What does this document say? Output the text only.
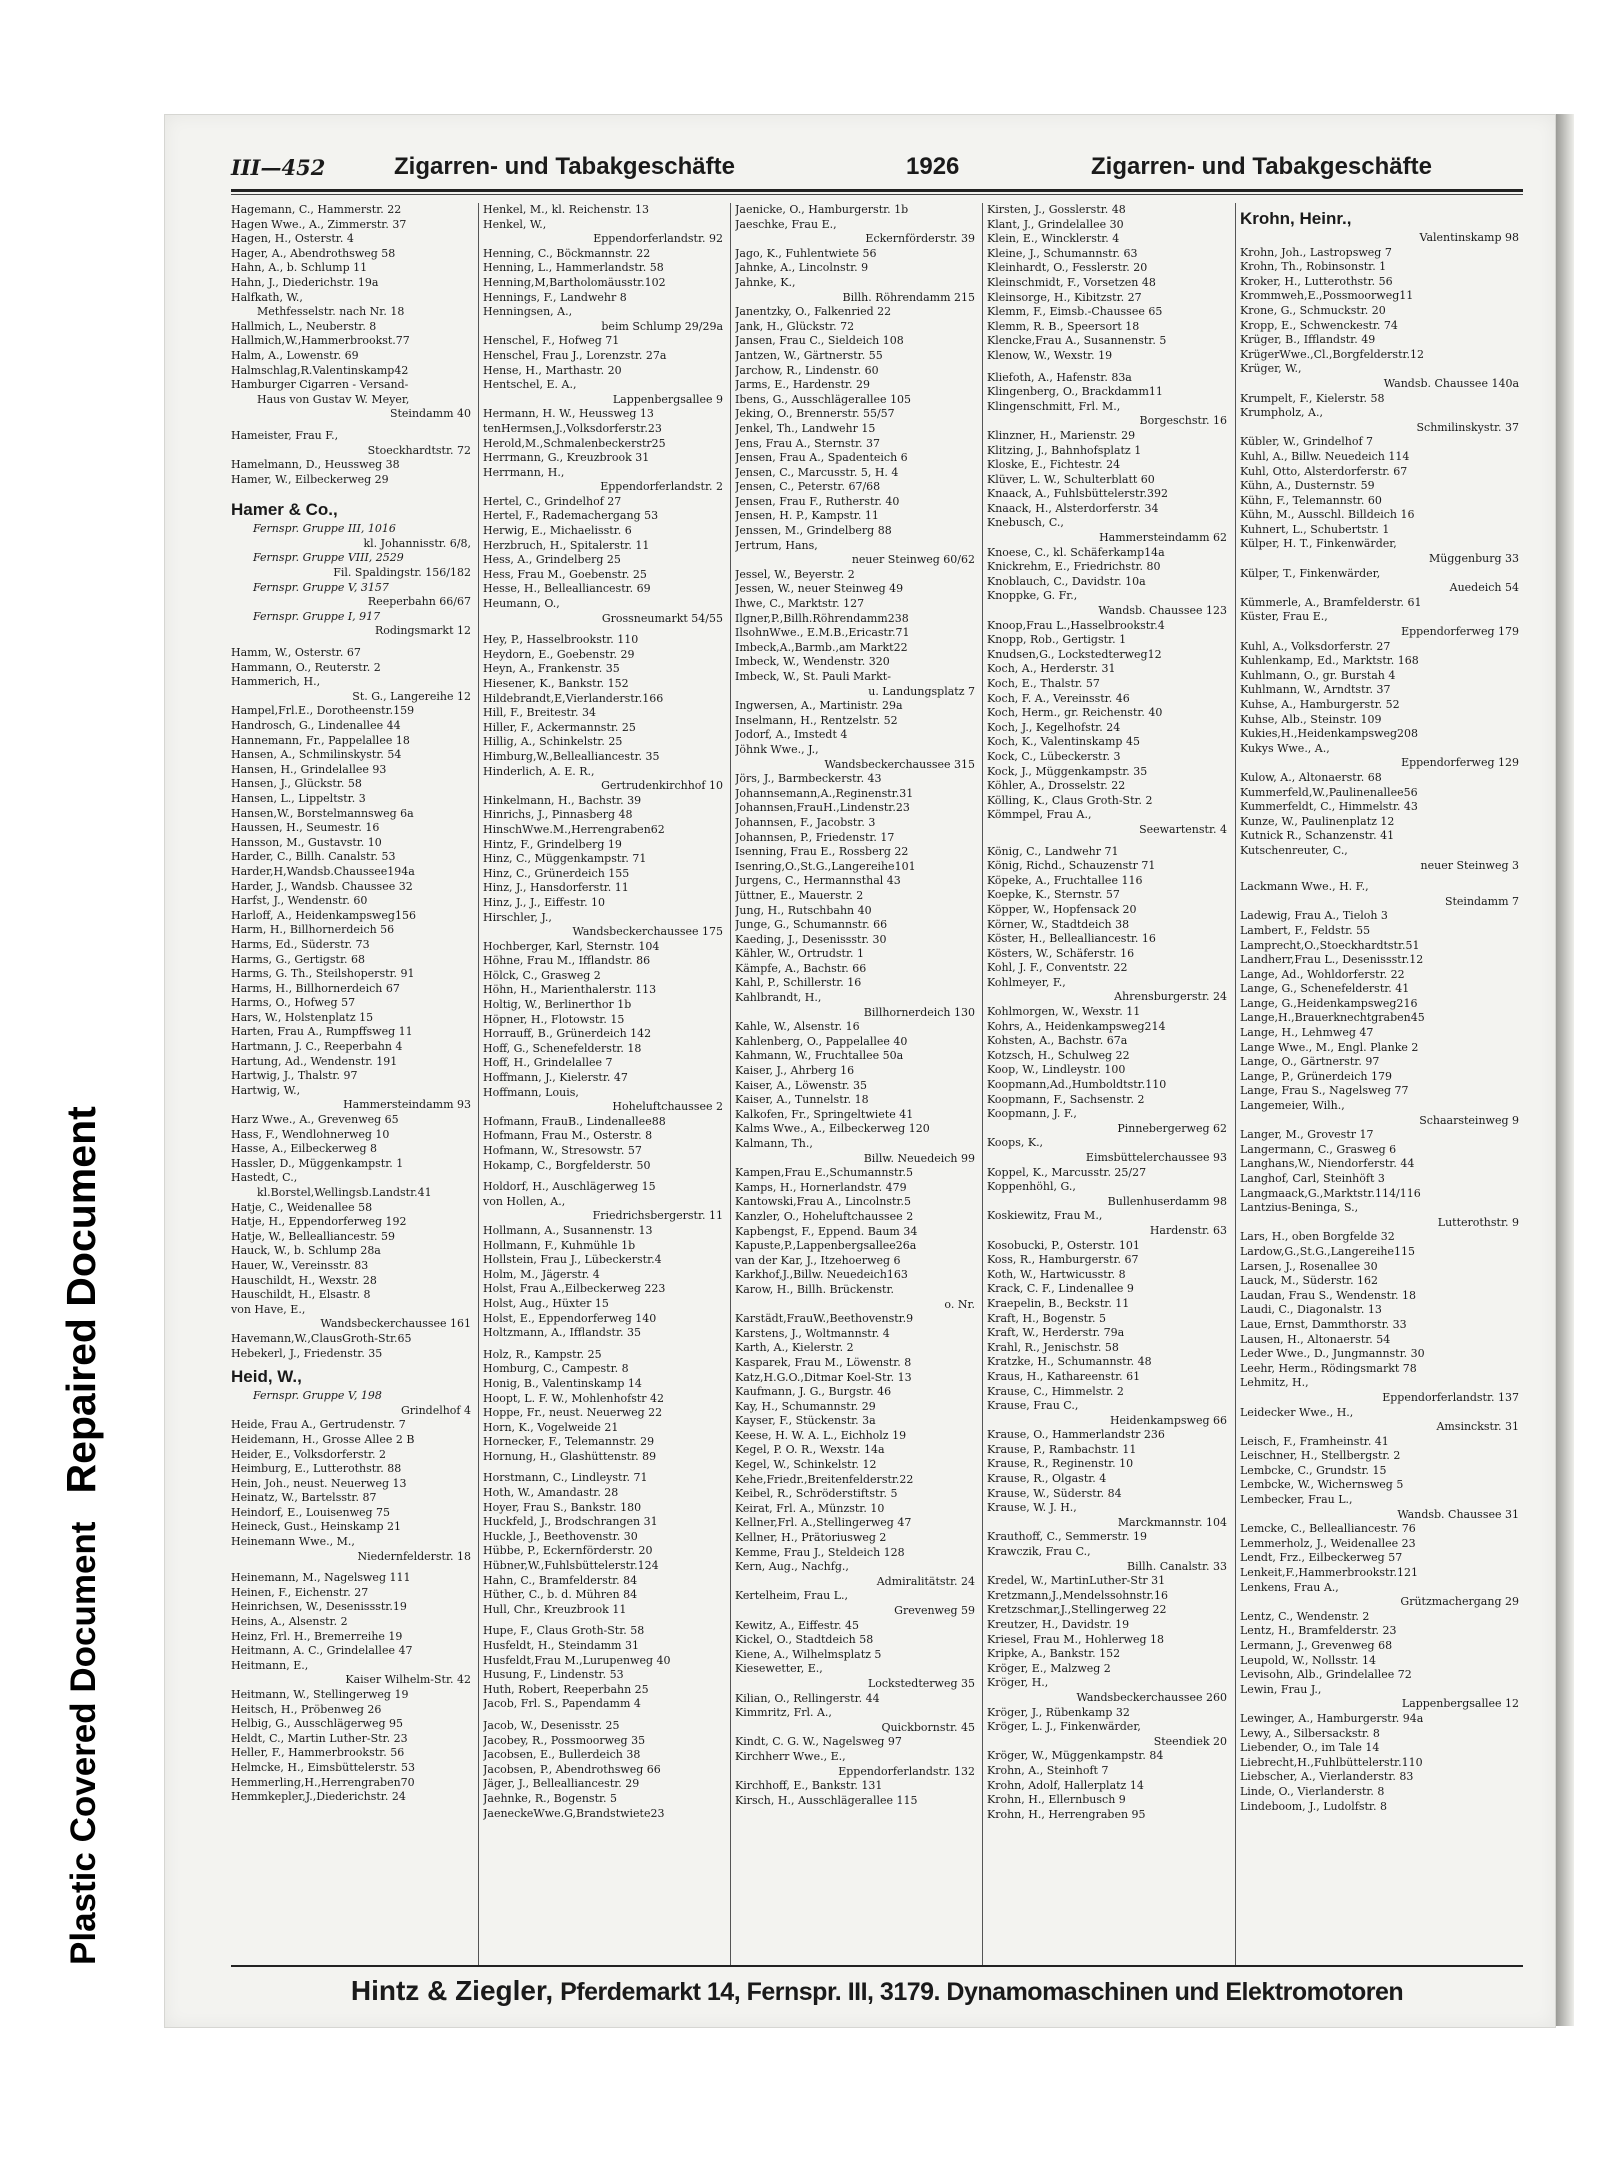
Plastic Covered DocumentRepaired Document
III—452	Zigarren- und Tabakgeschäfte	1926	Zigarren- und Tabakgeschäfte
Hagemann, C., Hammerstr. 22
Hagen Wwe., A., Zimmerstr. 37
Hagen, H., Osterstr. 4
Hager, A., Abendrothsweg 58
Hahn, A., b. Schlump 11
Hahn, J., Diederichstr. 19a
Halfkath, W.,
Methfesselstr. nach Nr. 18
Hallmich, L., Neuberstr. 8
Hallmich,W.,Hammerbrookst.77
Halm, A., Lowenstr. 69
Halmschlag,R.Valentinskamp42
Hamburger Cigarren - Versand-
Haus von Gustav W. Meyer,
Steindamm 40
Hameister, Frau F.,
Stoeckhardtstr. 72
Hamelmann, D., Heussweg 38
Hamer, W., Eilbeckerweg 29
Hamer & Co.,
Fernspr. Gruppe III, 1016
kl. Johannisstr. 6/8,
Fernspr. Gruppe VIII, 2529
Fil. Spaldingstr. 156/182
Fernspr. Gruppe V, 3157
Reeperbahn 66/67
Fernspr. Gruppe I, 917
Rodingsmarkt 12
Hamm, W., Osterstr. 67
Hammann, O., Reuterstr. 2
Hammerich, H.,
St. G., Langereihe 12
Hampel,Frl.E., Dorotheenstr.159
Handrosch, G., Lindenallee 44
Hannemann, Fr., Pappelallee 18
Hansen, A., Schmilinskystr. 54
Hansen, H., Grindelallee 93
Hansen, J., Glückstr. 58
Hansen, L., Lippeltstr. 3
Hansen,W., Borstelmannsweg 6a
Haussen, H., Seumestr. 16
Hansson, M., Gustavstr. 10
Harder, C., Billh. Canalstr. 53
Harder,H,Wandsb.Chaussee194a
Harder, J., Wandsb. Chaussee 32
Harfst, J., Wendenstr. 60
Harloff, A., Heidenkampsweg156
Harm, H., Billhornerdeich 56
Harms, Ed., Süderstr. 73
Harms, G., Gertigstr. 68
Harms, G. Th., Steilshoperstr. 91
Harms, H., Billhornerdeich 67
Harms, O., Hofweg 57
Hars, W., Holstenplatz 15
Harten, Frau A., Rumpffsweg 11
Hartmann, J. C., Reeperbahn 4
Hartung, Ad., Wendenstr. 191
Hartwig, J., Thalstr. 97
Hartwig, W.,
Hammersteindamm 93
Harz Wwe., A., Grevenweg 65
Hass, F., Wendlohnerweg 10
Hasse, A., Eilbeckerweg 8
Hassler, D., Müggenkampstr. 1
Hastedt, C.,
kl.Borstel,Wellingsb.Landstr.41
Hatje, C., Weidenallee 58
Hatje, H., Eppendorferweg 192
Hatje, W., Bellealliancestr. 59
Hauck, W., b. Schlump 28a
Hauer, W., Vereinsstr. 83
Hauschildt, H., Wexstr. 28
Hauschildt, H., Elsastr. 8
von Have, E.,
Wandsbeckerchaussee 161
Havemann,W.,ClausGroth-Str.65
Hebekerl, J., Friedenstr. 35
Heid, W.,
Fernspr. Gruppe V, 198
Grindelhof 4
Heide, Frau A., Gertrudenstr. 7
Heidemann, H., Grosse Allee 2 B
Heider, E., Volksdorferstr. 2
Heimburg, E., Lutterothstr. 88
Hein, Joh., neust. Neuerweg 13
Heinatz, W., Bartelsstr. 87
Heindorf, E., Louisenweg 75
Heineck, Gust., Heinskamp 21
Heinemann Wwe., M.,
Niedernfelderstr. 18
Heinemann, M., Nagelsweg 111
Heinen, F., Eichenstr. 27
Heinrichsen, W., Desenissstr.19
Heins, A., Alsenstr. 2
Heinz, Frl. H., Bremerreihe 19
Heitmann, A. C., Grindelallee 47
Heitmann, E.,
Kaiser Wilhelm-Str. 42
Heitmann, W., Stellingerweg 19
Heitsch, H., Pröbenweg 26
Helbig, G., Ausschlägerweg 95
Heldt, C., Martin Luther-Str. 23
Heller, F., Hammerbrookstr. 56
Helmcke, H., Eimsbüttelerstr. 53
Hemmerling,H.,Herrengraben70
Hemmkepler,J.,Diederichstr. 24
Henkel, M., kl. Reichenstr. 13
Henkel, W.,
Eppendorferlandstr. 92
Henning, C., Böckmannstr. 22
Henning, L., Hammerlandstr. 58
Henning,M,Bartholomäusstr.102
Hennings, F., Landwehr 8
Henningsen, A.,
beim Schlump 29/29a
Henschel, F., Hofweg 71
Henschel, Frau J., Lorenzstr. 27a
Hense, H., Marthastr. 20
Hentschel, E. A.,
Lappenbergsallee 9
Hermann, H. W., Heussweg 13
tenHermsen,J.,Volksdorferstr.23
Herold,M.,Schmalenbeckerstr25
Herrmann, G., Kreuzbrook 31
Herrmann, H.,
Eppendorferlandstr. 2
Hertel, C., Grindelhof 27
Hertel, F., Rademachergang 53
Herwig, E., Michaelisstr. 6
Herzbruch, H., Spitalerstr. 11
Hess, A., Grindelberg 25
Hess, Frau M., Goebenstr. 25
Hesse, H., Bellealliancestr. 69
Heumann, O.,
Grossneumarkt 54/55
Hey, P., Hasselbrookstr. 110
Heydorn, E., Goebenstr. 29
Heyn, A., Frankenstr. 35
Hiesener, K., Bankstr. 152
Hildebrandt,E,Vierlanderstr.166
Hill, F., Breitestr. 34
Hiller, F., Ackermannstr. 25
Hillig, A., Schinkelstr. 25
Himburg,W.,Bellealliancestr. 35
Hinderlich, A. E. R.,
Gertrudenkirchhof 10
Hinkelmann, H., Bachstr. 39
Hinrichs, J., Pinnasberg 48
HinschWwe.M.,Herrengraben62
Hintz, F., Grindelberg 19
Hinz, C., Müggenkampstr. 71
Hinz, C., Grünerdeich 155
Hinz, J., Hansdorferstr. 11
Hinz, J., J., Eiffestr. 10
Hirschler, J.,
Wandsbeckerchaussee 175
Hochberger, Karl, Sternstr. 104
Höhne, Frau M., Ifflandstr. 86
Hölck, C., Grasweg 2
Höhn, H., Marienthalerstr. 113
Holtig, W., Berlinerthor 1b
Höpner, H., Flotowstr. 15
Horrauff, B., Grünerdeich 142
Hoff, G., Schenefelderstr. 18
Hoff, H., Grindelallee 7
Hoffmann, J., Kielerstr. 47
Hoffmann, Louis,
Hoheluftchaussee 2
Hofmann, FrauB., Lindenallee88
Hofmann, Frau M., Osterstr. 8
Hofmann, W., Stresowstr. 57
Hokamp, C., Borgfelderstr. 50
Holdorf, H., Auschlägerweg 15
von Hollen, A.,
Friedrichsbergerstr. 11
Hollmann, A., Susannenstr. 13
Hollmann, F., Kuhmühle 1b
Hollstein, Frau J., Lübeckerstr.4
Holm, M., Jägerstr. 4
Holst, Frau A.,Eilbeckerweg 223
Holst, Aug., Hüxter 15
Holst, E., Eppendorferweg 140
Holtzmann, A., Ifflandstr. 35
Holz, R., Kampstr. 25
Homburg, C., Campestr. 8
Honig, B., Valentinskamp 14
Hoopt, L. F. W., Mohlenhofstr 42
Hoppe, Fr., neust. Neuerweg 22
Horn, K., Vogelweide 21
Hornecker, F., Telemannstr. 29
Hornung, H., Glashüttenstr. 89
Horstmann, C., Lindleystr. 71
Hoth, W., Amandastr. 28
Hoyer, Frau S., Bankstr. 180
Huckfeld, J., Brodschrangen 31
Huckle, J., Beethovenstr. 30
Hübbe, P., Eckernförderstr. 20
Hübner,W.,Fuhlsbüttelerstr.124
Hahn, C., Bramfelderstr. 84
Hüther, C., b. d. Mühren 84
Hull, Chr., Kreuzbrook 11
Hupe, F., Claus Groth-Str. 58
Husfeldt, H., Steindamm 31
Husfeldt,Frau M.,Lurupenweg 40
Husung, F., Lindenstr. 53
Huth, Robert, Reeperbahn 25
Jacob, Frl. S., Papendamm 4
Jacob, W., Desenisstr. 25
Jacobey, R., Possmoorweg 35
Jacobsen, E., Bullerdeich 38
Jacobsen, P., Abendrothsweg 66
Jäger, J., Bellealliancestr. 29
Jaehnke, R., Bogenstr. 5
JaeneckeWwe.G,Brandstwiete23
Jaenicke, O., Hamburgerstr. 1b
Jaeschke, Frau E.,
Eckernförderstr. 39
Jago, K., Fuhlentwiete 56
Jahnke, A., Lincolnstr. 9
Jahnke, K.,
Billh. Röhrendamm 215
Janentzky, O., Falkenried 22
Jank, H., Glückstr. 72
Jansen, Frau C., Sieldeich 108
Jantzen, W., Gärtnerstr. 55
Jarchow, R., Lindenstr. 60
Jarms, E., Hardenstr. 29
Ibens, G., Ausschlägerallee 105
Jeking, O., Brennerstr. 55/57
Jenkel, Th., Landwehr 15
Jens, Frau A., Sternstr. 37
Jensen, Frau A., Spadenteich 6
Jensen, C., Marcusstr. 5, H. 4
Jensen, C., Peterstr. 67/68
Jensen, Frau F., Rutherstr. 40
Jensen, H. P., Kampstr. 11
Jenssen, M., Grindelberg 88
Jertrum, Hans,
neuer Steinweg 60/62
Jessel, W., Beyerstr. 2
Jessen, W., neuer Steinweg 49
Ihwe, C., Marktstr. 127
Ilgner,P.,Billh.Röhrendamm238
IlsohnWwe., E.M.B.,Ericastr.71
Imbeck,A.,Barmb.,am Markt22
Imbeck, W., Wendenstr. 320
Imbeck, W., St. Pauli Markt-
u. Landungsplatz 7
Ingwersen, A., Martinistr. 29a
Inselmann, H., Rentzelstr. 52
Jodorf, A., Imstedt 4
Jöhnk Wwe., J.,
Wandsbeckerchaussee 315
Jörs, J., Barmbeckerstr. 43
Johannsemann,A.,Reginenstr.31
Johannsen,FrauH.,Lindenstr.23
Johannsen, F., Jacobstr. 3
Johannsen, P., Friedenstr. 17
Isenning, Frau E., Rossberg 22
Isenring,O.,St.G.,Langereihe101
Jurgens, C., Hermannsthal 43
Jüttner, E., Mauerstr. 2
Jung, H., Rutschbahn 40
Junge, G., Schumannstr. 66
Kaeding, J., Desenissstr. 30
Kähler, W., Ortrudstr. 1
Kämpfe, A., Bachstr. 66
Kahl, P., Schillerstr. 16
Kahlbrandt, H.,
Billhornerdeich 130
Kahle, W., Alsenstr. 16
Kahlenberg, O., Pappelallee 40
Kahmann, W., Fruchtallee 50a
Kaiser, J., Ahrberg 16
Kaiser, A., Löwenstr. 35
Kaiser, A., Tunnelstr. 18
Kalkofen, Fr., Springeltwiete 41
Kalms Wwe., A., Eilbeckerweg 120
Kalmann, Th.,
Billw. Neuedeich 99
Kampen,Frau E.,Schumannstr.5
Kamps, H., Hornerlandstr. 479
Kantowski,Frau A., Lincolnstr.5
Kanzler, O., Hoheluftchaussee 2
Kapbengst, F., Eppend. Baum 34
Kapuste,P.,Lappenbergsallee26a
van der Kar, J., Itzehoerweg 6
Karkhof,J.,Billw. Neuedeich163
Karow, H., Billh. Brückenstr.
o. Nr.
Karstädt,FrauW.,Beethovenstr.9
Karstens, J., Woltmannstr. 4
Karth, A., Kielerstr. 2
Kasparek, Frau M., Löwenstr. 8
Katz,H.G.O.,Ditmar Koel-Str. 13
Kaufmann, J. G., Burgstr. 46
Kay, H., Schumannstr. 29
Kayser, F., Stückenstr. 3a
Keese, H. W. A. L., Eichholz 19
Kegel, P. O. R., Wexstr. 14a
Kegel, W., Schinkelstr. 12
Kehe,Friedr.,Breitenfelderstr.22
Keibel, R., Schröderstiftstr. 5
Keirat, Frl. A., Münzstr. 10
Kellner,Frl. A.,Stellingerweg 47
Kellner, H., Prätoriusweg 2
Kemme, Frau J., Steldeich 128
Kern, Aug., Nachfg.,
Admiralitätstr. 24
Kertelheim, Frau L.,
Grevenweg 59
Kewitz, A., Eiffestr. 45
Kickel, O., Stadtdeich 58
Kiene, A., Wilhelmsplatz 5
Kiesewetter, E.,
Lockstedterweg 35
Kilian, O., Rellingerstr. 44
Kimmritz, Frl. A.,
Quickbornstr. 45
Kindt, C. G. W., Nagelsweg 97
Kirchherr Wwe., E.,
Eppendorferlandstr. 132
Kirchhoff, E., Bankstr. 131
Kirsch, H., Ausschlägerallee 115
Kirsten, J., Gosslerstr. 48
Klant, J., Grindelallee 30
Klein, E., Wincklerstr. 4
Kleine, J., Schumannstr. 63
Kleinhardt, O., Fesslerstr. 20
Kleinschmidt, F., Vorsetzen 48
Kleinsorge, H., Kibitzstr. 27
Klemm, F., Eimsb.-Chaussee 65
Klemm, R. B., Speersort 18
Klencke,Frau A., Susannenstr. 5
Klenow, W., Wexstr. 19
Kliefoth, A., Hafenstr. 83a
Klingenberg, O., Brackdamm11
Klingenschmitt, Frl. M.,
Borgeschstr. 16
Klinzner, H., Marienstr. 29
Klitzing, J., Bahnhofsplatz 1
Kloske, E., Fichtestr. 24
Klüver, L. W., Schulterblatt 60
Knaack, A., Fuhlsbüttelerstr.392
Knaack, H., Alsterdorferstr. 34
Knebusch, C.,
Hammersteindamm 62
Knoese, C., kl. Schäferkamp14a
Knickrehm, E., Friedrichstr. 80
Knoblauch, C., Davidstr. 10a
Knoppke, G. Fr.,
Wandsb. Chaussee 123
Knoop,Frau L.,Hasselbrookstr.4
Knopp, Rob., Gertigstr. 1
Knudsen,G., Lockstedterweg12
Koch, A., Herderstr. 31
Koch, E., Thalstr. 57
Koch, F. A., Vereinsstr. 46
Koch, Herm., gr. Reichenstr. 40
Koch, J., Kegelhofstr. 24
Koch, K., Valentinskamp 45
Kock, C., Lübeckerstr. 3
Kock, J., Müggenkampstr. 35
Köhler, A., Drosselstr. 22
Kölling, K., Claus Groth-Str. 2
Kömmpel, Frau A.,
Seewartenstr. 4
König, C., Landwehr 71
König, Richd., Schauzenstr 71
Köpeke, A., Fruchtallee 116
Koepke, K., Sternstr. 57
Köpper, W., Hopfensack 20
Körner, W., Stadtdeich 38
Köster, H., Bellealliancestr. 16
Kösters, W., Schäferstr. 16
Kohl, J. F., Conventstr. 22
Kohlmeyer, F.,
Ahrensburgerstr. 24
Kohlmorgen, W., Wexstr. 11
Kohrs, A., Heidenkampsweg214
Kohsten, A., Bachstr. 67a
Kotzsch, H., Schulweg 22
Koop, W., Lindleystr. 100
Koopmann,Ad.,Humboldtstr.110
Koopmann, F., Sachsenstr. 2
Koopmann, J. F.,
Pinnebergerweg 62
Koops, K.,
Eimsbüttelerchaussee 93
Koppel, K., Marcusstr. 25/27
Koppenhöhl, G.,
Bullenhuserdamm 98
Koskiewitz, Frau M.,
Hardenstr. 63
Kosobucki, P., Osterstr. 101
Koss, R., Hamburgerstr. 67
Koth, W., Hartwicusstr. 8
Krack, C. F., Lindenallee 9
Kraepelin, B., Beckstr. 11
Kraft, H., Bogenstr. 5
Kraft, W., Herderstr. 79a
Krahl, R., Jenischstr. 58
Kratzke, H., Schumannstr. 48
Kraus, H., Kathareenstr. 61
Krause, C., Himmelstr. 2
Krause, Frau C.,
Heidenkampsweg 66
Krause, O., Hammerlandstr 236
Krause, P., Rambachstr. 11
Krause, R., Reginenstr. 10
Krause, R., Olgastr. 4
Krause, W., Süderstr. 84
Krause, W. J. H.,
Marckmannstr. 104
Krauthoff, C., Semmerstr. 19
Krawczik, Frau C.,
Billh. Canalstr. 33
Kredel, W., MartinLuther-Str 31
Kretzmann,J.,Mendelssohnstr.16
Kretzschmar,J.,Stellingerweg 22
Kreutzer, H., Davidstr. 19
Kriesel, Frau M., Hohlerweg 18
Kripke, A., Bankstr. 152
Kröger, E., Malzweg 2
Kröger, H.,
Wandsbeckerchaussee 260
Kröger, J., Rübenkamp 32
Kröger, L. J., Finkenwärder,
Steendiek 20
Kröger, W., Müggenkampstr. 84
Krohn, A., Steinhoft 7
Krohn, Adolf, Hallerplatz 14
Krohn, H., Ellernbusch 9
Krohn, H., Herrengraben 95
Krohn, Heinr.,
Valentinskamp 98
Krohn, Joh., Lastropsweg 7
Krohn, Th., Robinsonstr. 1
Kroker, H., Lutterothstr. 56
Krommweh,E.,Possmoorweg11
Krone, G., Schmuckstr. 20
Kropp, E., Schwenckestr. 74
Krüger, B., Ifflandstr. 49
KrügerWwe.,Cl.,Borgfelderstr.12
Krüger, W.,
Wandsb. Chaussee 140a
Krumpelt, F., Kielerstr. 58
Krumpholz, A.,
Schmilinskystr. 37
Kübler, W., Grindelhof 7
Kuhl, A., Billw. Neuedeich 114
Kuhl, Otto, Alsterdorferstr. 67
Kühn, A., Dusternstr. 59
Kühn, F., Telemannstr. 60
Kühn, M., Ausschl. Billdeich 16
Kuhnert, L., Schubertstr. 1
Külper, H. T., Finkenwärder,
Müggenburg 33
Külper, T., Finkenwärder,
Auedeich 54
Kümmerle, A., Bramfelderstr. 61
Küster, Frau E.,
Eppendorferweg 179
Kuhl, A., Volksdorferstr. 27
Kuhlenkamp, Ed., Marktstr. 168
Kuhlmann, O., gr. Burstah 4
Kuhlmann, W., Arndtstr. 37
Kuhse, A., Hamburgerstr. 52
Kuhse, Alb., Steinstr. 109
Kukies,H.,Heidenkampsweg208
Kukys Wwe., A.,
Eppendorferweg 129
Kulow, A., Altonaerstr. 68
Kummerfeld,W.,Paulinenallee56
Kummerfeldt, C., Himmelstr. 43
Kunze, W., Paulinenplatz 12
Kutnick R., Schanzenstr. 41
Kutschenreuter, C.,
neuer Steinweg 3
Lackmann Wwe., H. F.,
Steindamm 7
Ladewig, Frau A., Tieloh 3
Lambert, F., Feldstr. 55
Lamprecht,O.,Stoeckhardtstr.51
Landherr,Frau L., Desenissstr.12
Lange, Ad., Wohldorferstr. 22
Lange, G., Schenefelderstr. 41
Lange, G.,Heidenkampsweg216
Lange,H.,Brauerknechtgraben45
Lange, H., Lehmweg 47
Lange Wwe., M., Engl. Planke 2
Lange, O., Gärtnerstr. 97
Lange, P., Grünerdeich 179
Lange, Frau S., Nagelsweg 77
Langemeier, Wilh.,
Schaarsteinweg 9
Langer, M., Grovestr 17
Langermann, C., Grasweg 6
Langhans,W., Niendorferstr. 44
Langhof, Carl, Steinhöft 3
Langmaack,G.,Marktstr.114/116
Lantzius-Beninga, S.,
Lutterothstr. 9
Lars, H., oben Borgfelde 32
Lardow,G.,St.G.,Langereihe115
Larsen, J., Rosenallee 30
Lauck, M., Süderstr. 162
Laudan, Frau S., Wendenstr. 18
Laudi, C., Diagonalstr. 13
Laue, Ernst, Dammthorstr. 33
Lausen, H., Altonaerstr. 54
Leder Wwe., D., Jungmannstr. 30
Leehr, Herm., Rödingsmarkt 78
Lehmitz, H.,
Eppendorferlandstr. 137
Leidecker Wwe., H.,
Amsinckstr. 31
Leisch, F., Framheinstr. 41
Leischner, H., Stellbergstr. 2
Lembcke, C., Grundstr. 15
Lembcke, W., Wichernsweg 5
Lembecker, Frau L.,
Wandsb. Chaussee 31
Lemcke, C., Bellealliancestr. 76
Lemmerholz, J., Weidenallee 23
Lendt, Frz., Eilbeckerweg 57
Lenkeit,F.,Hammerbrookstr.121
Lenkens, Frau A.,
Grützmachergang 29
Lentz, C., Wendenstr. 2
Lentz, H., Bramfelderstr. 23
Lermann, J., Grevenweg 68
Leupold, W., Nollsstr. 14
Levisohn, Alb., Grindelallee 72
Lewin, Frau J.,
Lappenbergsallee 12
Lewinger, A., Hamburgerstr. 94a
Lewy, A., Silbersackstr. 8
Liebender, O., im Tale 14
Liebrecht,H.,Fuhlbüttelerstr.110
Liebscher, A., Vierlanderstr. 83
Linde, O., Vierlanderstr. 8
Lindeboom, J., Ludolfstr. 8
Hintz & Ziegler, Pferdemarkt 14, Fernspr. III, 3179. Dynamomaschinen und Elektromotoren
